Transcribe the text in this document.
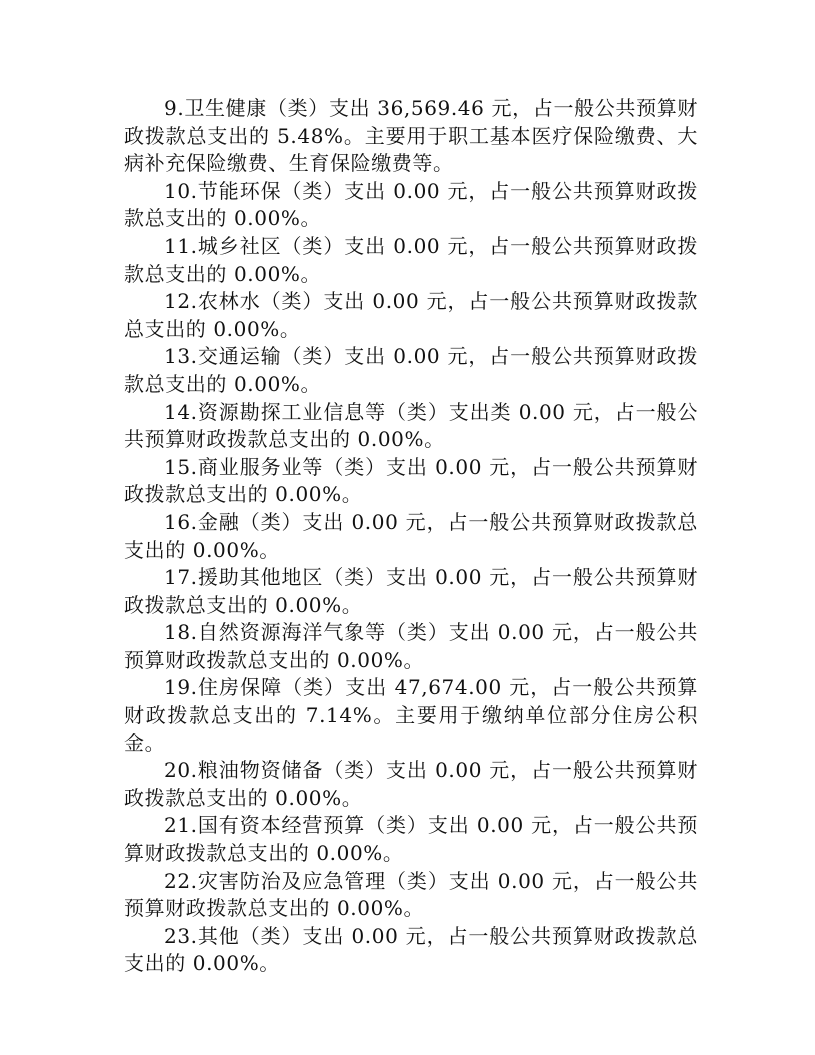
9.卫生健康（类）支出 36,569.46 元，占一般公共预算财政拨款总支出的 5.48%。主要用于职工基本医疗保险缴费、大病补充保险缴费、生育保险缴费等。

10.节能环保（类）支出 0.00 元，占一般公共预算财政拨款总支出的 0.00%。

11.城乡社区（类）支出 0.00 元，占一般公共预算财政拨款总支出的 0.00%。

12.农林水（类）支出 0.00 元，占一般公共预算财政拨款总支出的 0.00%。

13.交通运输（类）支出 0.00 元，占一般公共预算财政拨款总支出的 0.00%。

14.资源勘探工业信息等（类）支出类 0.00 元，占一般公共预算财政拨款总支出的 0.00%。

15.商业服务业等（类）支出 0.00 元，占一般公共预算财政拨款总支出的 0.00%。

16.金融（类）支出 0.00 元，占一般公共预算财政拨款总支出的 0.00%。

17.援助其他地区（类）支出 0.00 元，占一般公共预算财政拨款总支出的 0.00%。

18.自然资源海洋气象等（类）支出 0.00 元，占一般公共预算财政拨款总支出的 0.00%。

19.住房保障（类）支出 47,674.00 元，占一般公共预算财政拨款总支出的 7.14%。主要用于缴纳单位部分住房公积金。

20.粮油物资储备（类）支出 0.00 元，占一般公共预算财政拨款总支出的 0.00%。

21.国有资本经营预算（类）支出 0.00 元，占一般公共预算财政拨款总支出的 0.00%。

22.灾害防治及应急管理（类）支出 0.00 元，占一般公共预算财政拨款总支出的 0.00%。

23.其他（类）支出 0.00 元，占一般公共预算财政拨款总支出的 0.00%。
